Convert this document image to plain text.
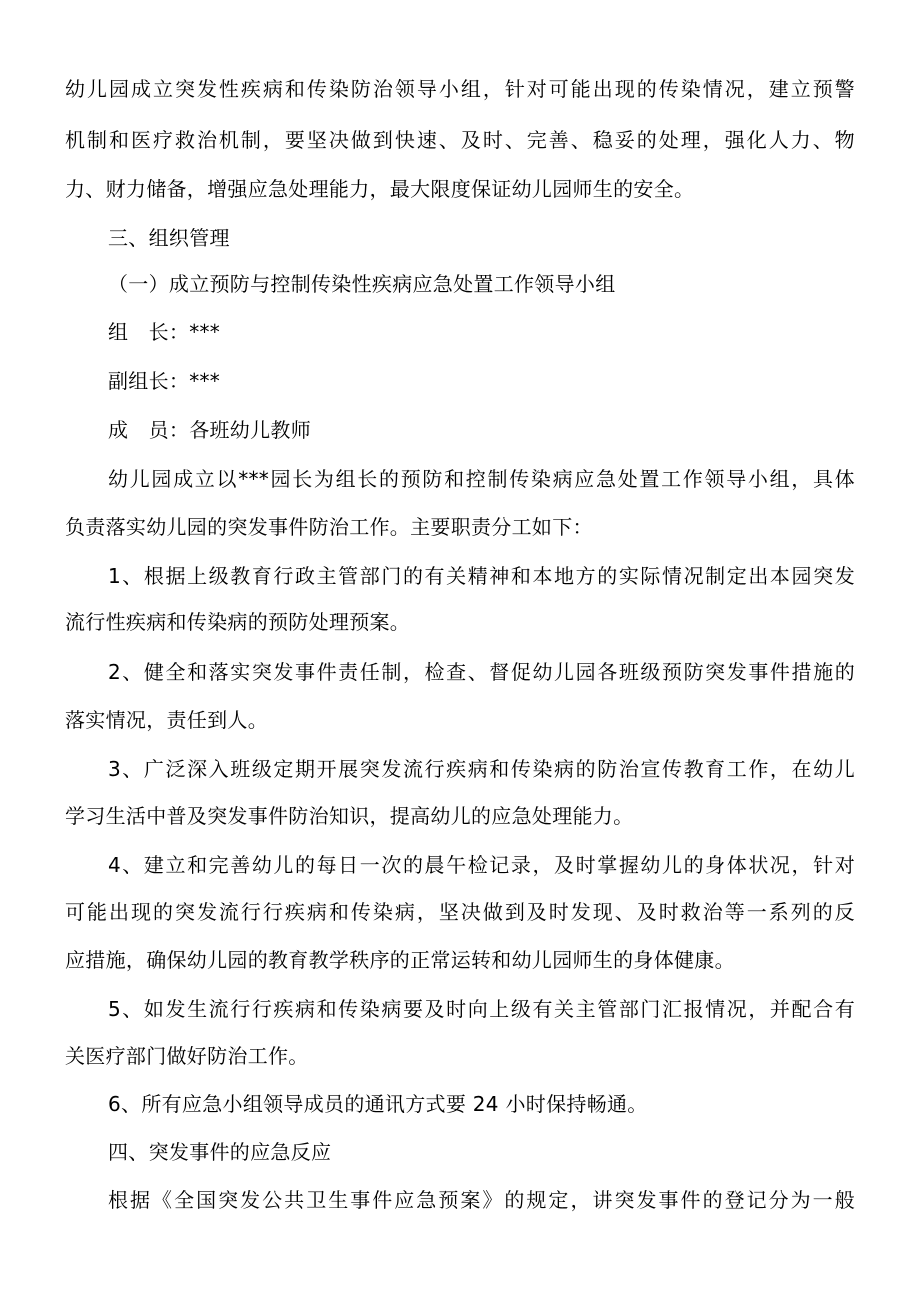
幼儿园成立突发性疾病和传染防治领导小组，针对可能出现的传染情况，建立预警
机制和医疗救治机制，要坚决做到快速、及时、完善、稳妥的处理，强化人力、物
力、财力储备，增强应急处理能力，最大限度保证幼儿园师生的安全。
三、组织管理
（一）成立预防与控制传染性疾病应急处置工作领导小组
组　长：***
副组长：***
成　员：各班幼儿教师
幼儿园成立以***园长为组长的预防和控制传染病应急处置工作领导小组，具体
负责落实幼儿园的突发事件防治工作。主要职责分工如下：
1、根据上级教育行政主管部门的有关精神和本地方的实际情况制定出本园突发
流行性疾病和传染病的预防处理预案。
2、健全和落实突发事件责任制，检查、督促幼儿园各班级预防突发事件措施的
落实情况，责任到人。
3、广泛深入班级定期开展突发流行疾病和传染病的防治宣传教育工作，在幼儿
学习生活中普及突发事件防治知识，提高幼儿的应急处理能力。
4、建立和完善幼儿的每日一次的晨午检记录，及时掌握幼儿的身体状况，针对
可能出现的突发流行行疾病和传染病，坚决做到及时发现、及时救治等一系列的反
应措施，确保幼儿园的教育教学秩序的正常运转和幼儿园师生的身体健康。
5、如发生流行行疾病和传染病要及时向上级有关主管部门汇报情况，并配合有
关医疗部门做好防治工作。
6、所有应急小组领导成员的通讯方式要 24 小时保持畅通。
四、突发事件的应急反应
根据《全国突发公共卫生事件应急预案》的规定，讲突发事件的登记分为一般
